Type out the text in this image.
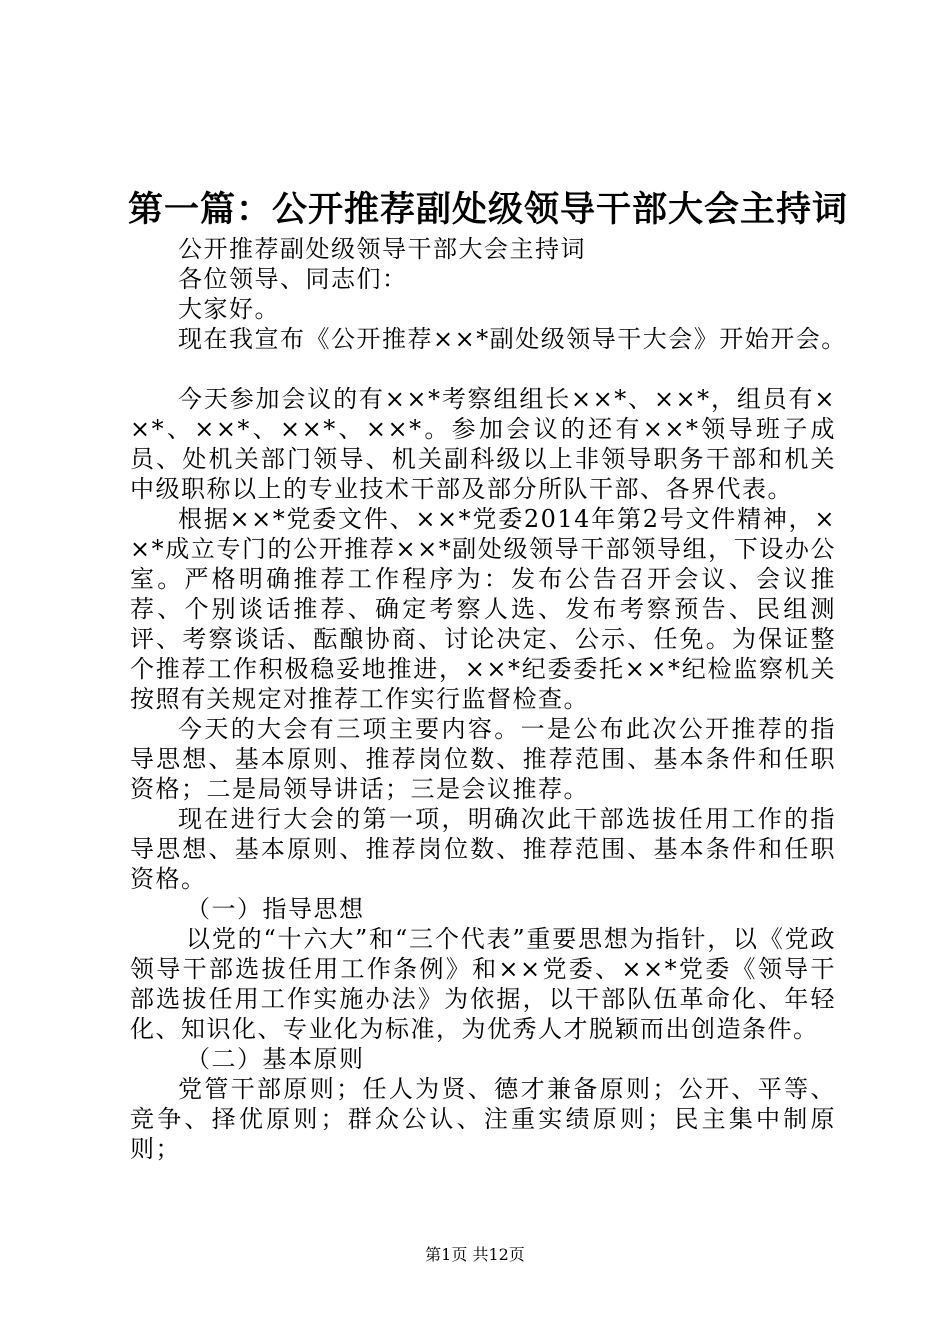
第一篇：公开推荐副处级领导干部大会主持词

公开推荐副处级领导干部大会主持词

各位领导、同志们：

大家好。

现在我宣布《公开推荐××*副处级领导干大会》开始开会。

今天参加会议的有××*考察组组长××*、××*，组员有××*、××*、××*、××*。参加会议的还有××*领导班子成员、处机关部门领导、机关副科级以上非领导职务干部和机关中级职称以上的专业技术干部及部分所队干部、各界代表。

根据××*党委文件、××*党委2014年第2号文件精神，××*成立专门的公开推荐××*副处级领导干部领导组，下设办公室。严格明确推荐工作程序为：发布公告召开会议、会议推荐、个别谈话推荐、确定考察人选、发布考察预告、民组测评、考察谈话、酝酿协商、讨论决定、公示、任免。为保证整个推荐工作积极稳妥地推进，××*纪委委托××*纪检监察机关按照有关规定对推荐工作实行监督检查。

今天的大会有三项主要内容。一是公布此次公开推荐的指导思想、基本原则、推荐岗位数、推荐范围、基本条件和任职资格；二是局领导讲话；三是会议推荐。

现在进行大会的第一项，明确次此干部选拔任用工作的指导思想、基本原则、推荐岗位数、推荐范围、基本条件和任职资格。

（一）指导思想

以党的“十六大”和“三个代表”重要思想为指针，以《党政领导干部选拔任用工作条例》和××党委、××*党委《领导干部选拔任用工作实施办法》为依据，以干部队伍革命化、年轻化、知识化、专业化为标准，为优秀人才脱颖而出创造条件。

（二）基本原则

党管干部原则；任人为贤、德才兼备原则；公开、平等、竞争、择优原则；群众公认、注重实绩原则；民主集中制原则；

第1页 共12页
